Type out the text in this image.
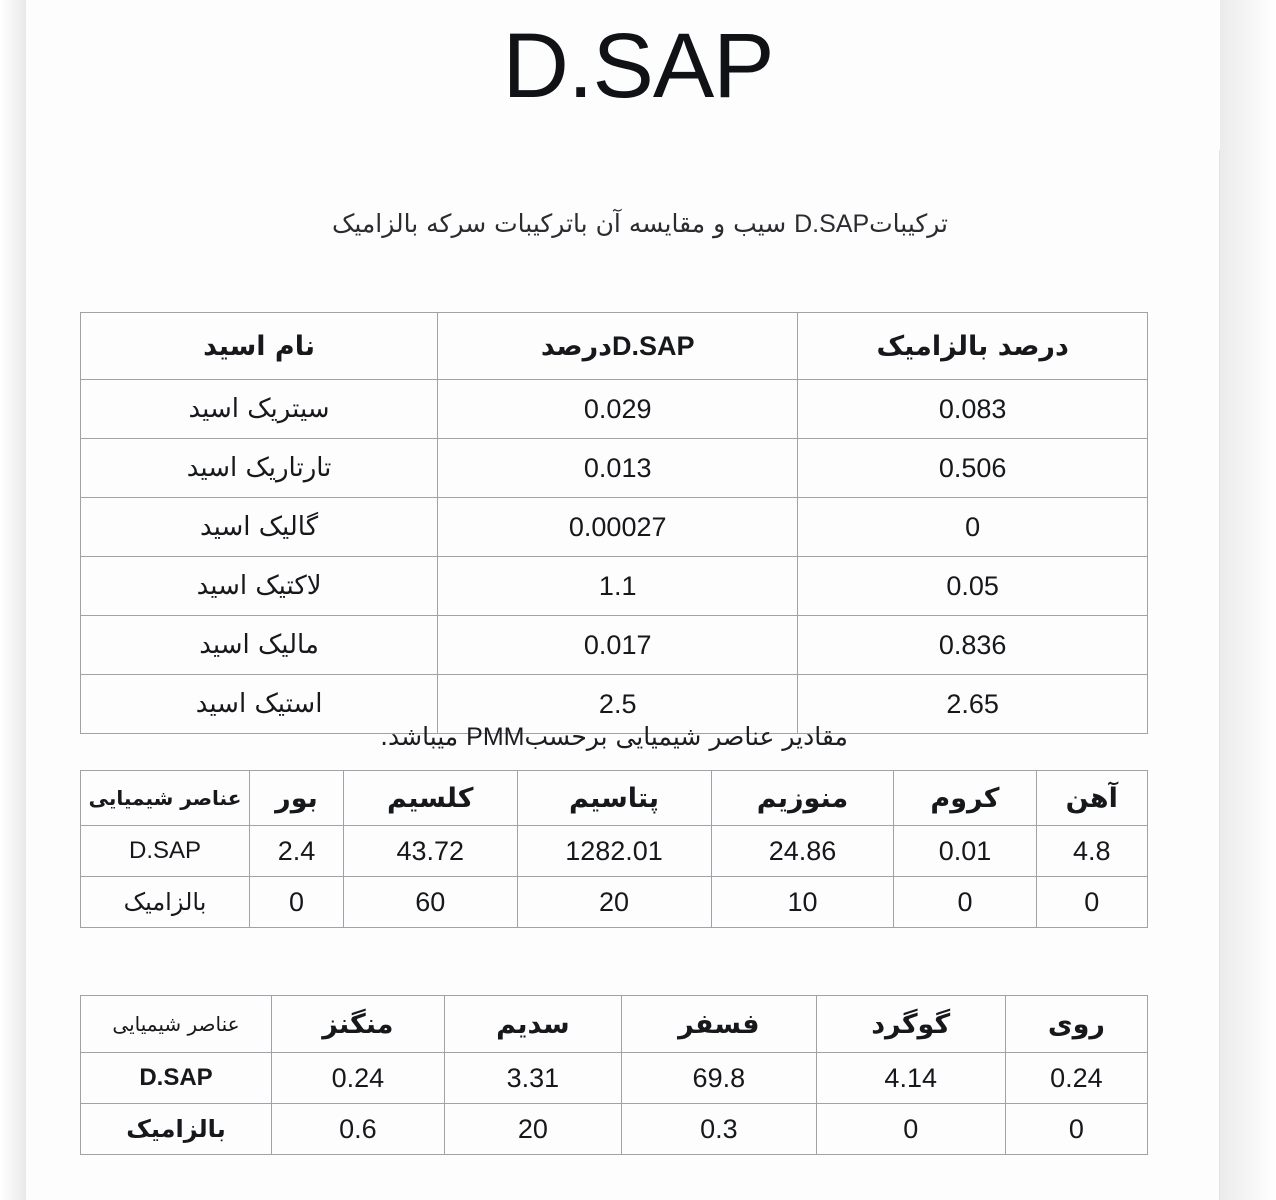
D.SAP
ترکیباتD.SAP سیب و مقایسه آن باترکیبات سرکه بالزامیک
درصد بالزامیک	D.SAPدرصد	نام اسید
0.083	0.029	سیتریک اسید
0.506	0.013	تارتاریک اسید
0	0.00027	گالیک اسید
0.05	1.1	لاکتیک اسید
0.836	0.017	مالیک اسید
2.65	2.5	استیک اسید
مقادیر عناصر شیمیایی برحسبPMM میباشد.
آهن	کروم	منوزیم	پتاسیم	کلسیم	بور	عناصر شیمیایی
4.8	0.01	24.86	1282.01	43.72	2.4	D.SAP
0	0	10	20	60	0	بالزامیک
روی	گوگرد	فسفر	سدیم	منگنز	عناصر شیمیایی
0.24	4.14	69.8	3.31	0.24	D.SAP
0	0	0.3	20	0.6	بالزامیک
